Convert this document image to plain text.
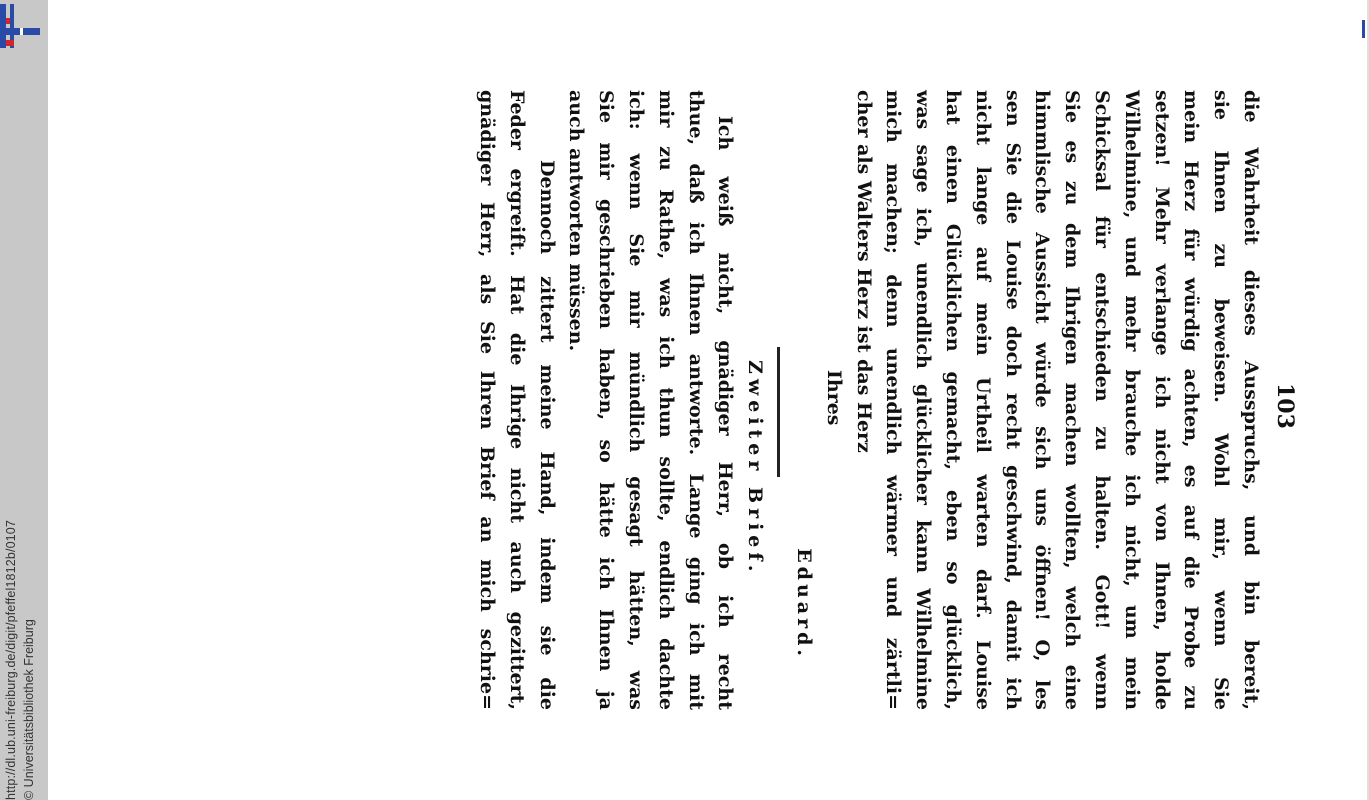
http://dl.ub.uni-freiburg.de/digit/pfeffel1812b/0107 © Universitätsbibliothek Freiburg
103
die Wahrheit dieses Ausspruchs, und bin bereit,
sie Ihnen zu beweisen. Wohl mir, wenn Sie
mein Herz für würdig achten, es auf die Probe zu
setzen! Mehr verlange ich nicht von Ihnen, holde
Wilhelmine, und mehr brauche ich nicht, um mein
Schicksal für entschieden zu halten. Gott! wenn
Sie es zu dem Ihrigen machen wollten, welch eine
himmlische Aussicht würde sich uns öffnen! O, les
sen Sie die Louise doch recht geschwind, damit ich
nicht lange auf mein Urtheil warten darf. Louise
hat einen Glücklichen gemacht, eben so glücklich,
was sage ich, unendlich glücklicher kann Wilhelmine
mich machen; denn unendlich wärmer und zärtli=
cher als Walters Herz ist das Herz
Ihres
Eduard.
Zweiter Brief.
Ich weiß nicht, gnädiger Herr, ob ich recht
thue, daß ich Ihnen antworte. Lange ging ich mit
mir zu Rathe, was ich thun sollte, endlich dachte
ich: wenn Sie mir mündlich gesagt hätten, was
Sie mir geschrieben haben, so hätte ich Ihnen ja
auch antworten müssen.
Dennoch zittert meine Hand, indem sie die
Feder ergreift. Hat die Ihrige nicht auch gezittert,
gnädiger Herr, als Sie Ihren Brief an mich schrie=
